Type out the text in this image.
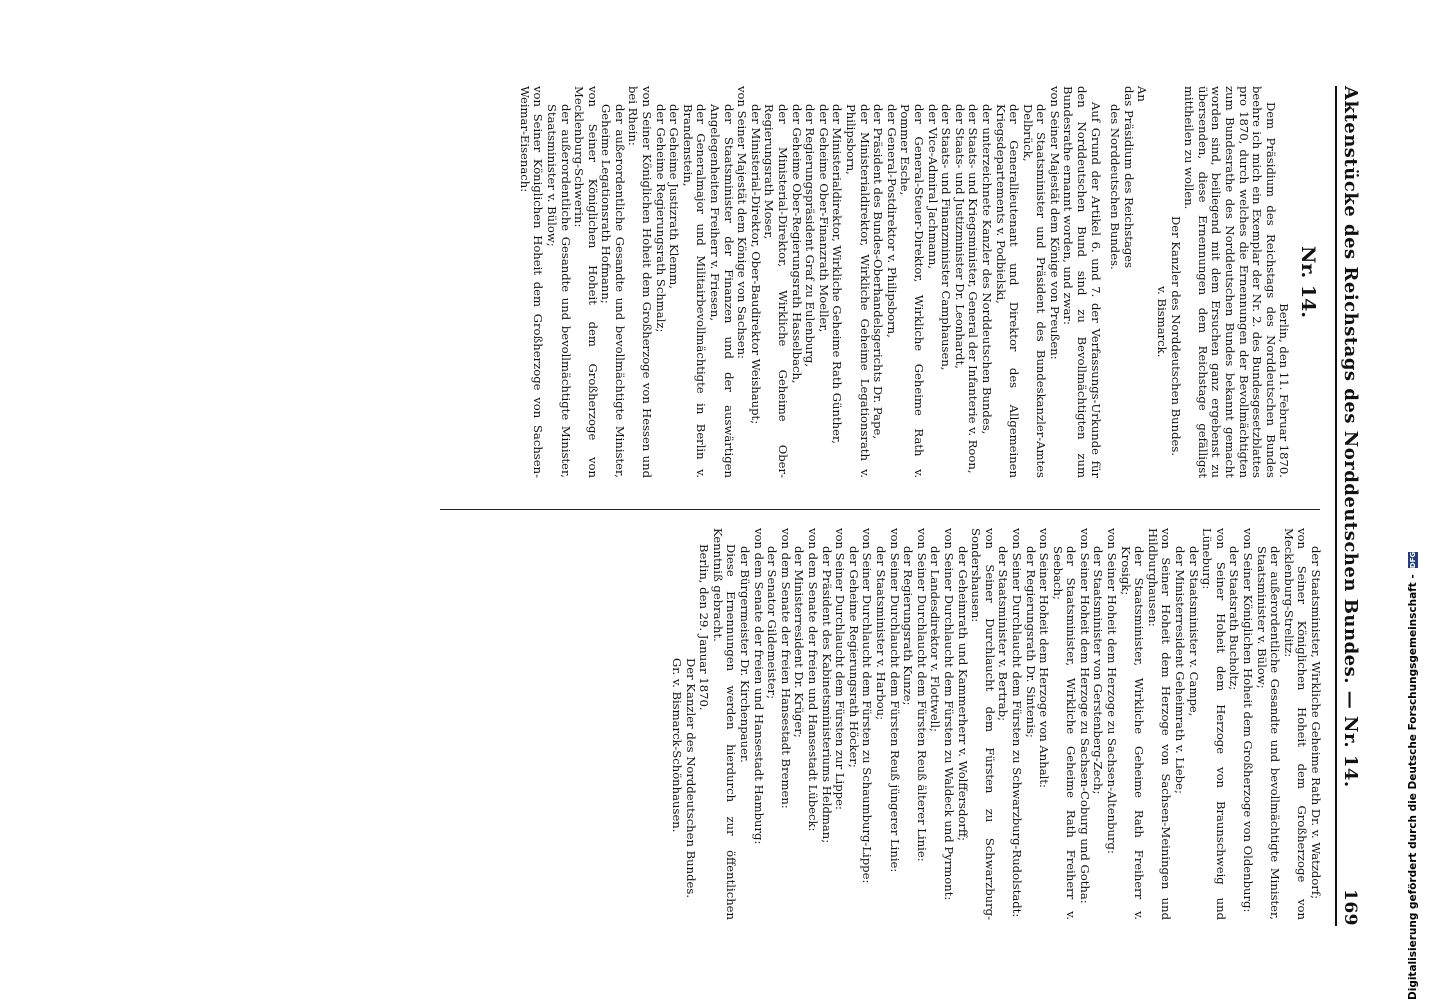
Aktenstücke des Reichstags des Norddeutschen Bundes. — Nr. 14.
169
Nr. 14.

Berlin, den 11. Februar 1870.

Dem Präsidium des Reichstags des Norddeutschen Bundes beehre ich mich ein Exemplar der Nr. 2. des Bundesgesetzblattes pro 1870, durch welches die Ernennungen der Bevollmächtigten zum Bundesrathe des Norddeutschen Bundes bekannt gemacht worden sind, beiliegend mit dem Ersuchen ganz ergebenst zu übersenden, diese Ernennungen dem Reichstage gefälligst mittheilen zu wollen.

Der Kanzler des Norddeutschen Bundes.

v. Bismarck.

An

das Präsidium des Reichstages

des Norddeutschen Bundes.

Auf Grund der Artikel 6. und 7. der Verfassungs-Urkunde für den Norddeutschen Bund sind zu Bevollmächtigten zum Bundesrathe ernannt worden, und zwar:

von Seiner Majestät dem Könige von Preußen:

der Staatsminister und Präsident des Bundeskanzler-Amtes Delbrück,

der Generallieutenant und Direktor des Allgemeinen Kriegsdepartements v. Podbielski,

der unterzeichnete Kanzler des Norddeutschen Bundes,

der Staats- und Kriegsminister, General der Infanterie v. Roon,

der Staats- und Justizminister Dr. Leonhardt,

der Staats- und Finanzminister Camphausen,

der Vice-Admiral Jachmann,

der General-Steuer-Direktor, Wirkliche Geheime Rath v. Pommer Esche,

der General-Postdirektor v. Philipsborn,

der Präsident des Bundes-Oberhandelsgerichts Dr. Pape,

der Ministerialdirektor, Wirkliche Geheime Legationsrath v. Philipsborn,

der Ministerialdirektor, Wirkliche Geheime Rath Günther,

der Geheime Ober-Finanzrath Moeller,

der Regierungspräsident Graf zu Eulenburg,

der Geheime Ober-Regierungsrath Hasselbach,

der Ministerial-Direktor, Wirkliche Geheime Ober-Regierungsrath Moser,

der Ministerial-Direktor, Ober-Baudirektor Weishaupt;

von Seiner Majestät dem Könige von Sachsen:

der Staatsminister der Finanzen und der auswärtigen Angelegenheiten Freiherr v. Friesen,

der Generalmajor und Militairbevollmächtigte in Berlin v. Brandenstein,

der Geheime Justizrath Klemm,

der Geheime Regierungsrath Schmalz;

von Seiner Königlichen Hoheit dem Großherzoge von Hessen und bei Rhein:

der außerordentliche Gesandte und bevollmächtigte Minister, Geheime Legationsrath Hofmann;

von Seiner Königlichen Hoheit dem Großherzoge von Mecklenburg-Schwerin:

der außerordentliche Gesandte und bevollmächtigte Minister, Staatsminister v. Bülow;

von Seiner Königlichen Hoheit dem Großherzoge von Sachsen-Weimar-Eisenach:

der Staatsminister, Wirkliche Geheime Rath Dr. v. Watzdorf;

von Seiner Königlichen Hoheit dem Großherzoge von Mecklenburg-Strelitz:

der außerordentliche Gesandte und bevollmächtigte Minister, Staatsminister v. Bülow;

von Seiner Königlichen Hoheit dem Großherzoge von Oldenburg:

der Staatsrath Bucholtz;

von Seiner Hoheit dem Herzoge von Braunschweig und Lüneburg:

der Staatsminister v. Campe,

der Ministerresident Geheimrath v. Liebe;

von Seiner Hoheit dem Herzoge von Sachsen-Meiningen und Hildburghausen:

der Staatsminister, Wirkliche Geheime Rath Freiherr v. Krosigk;

von Seiner Hoheit dem Herzoge zu Sachsen-Altenburg:

der Staatsminister von Gerstenberg-Zech;

von Seiner Hoheit dem Herzoge zu Sachsen-Coburg und Gotha:

der Staatsminister, Wirkliche Geheime Rath Freiherr v. Seebach;

von Seiner Hoheit dem Herzoge von Anhalt:

der Regierungsrath Dr. Sintenis;

von Seiner Durchlaucht dem Fürsten zu Schwarzburg-Rudolstadt:

der Staatsminister v. Bertrab;

von Seiner Durchlaucht dem Fürsten zu Schwarzburg-Sondershausen:

der Geheimrath und Kammerherr v. Wolffersdorff;

von Seiner Durchlaucht dem Fürsten zu Waldeck und Pyrmont:

der Landesdirektor v. Flottwell;

von Seiner Durchlaucht dem Fürsten Reuß älterer Linie:

der Regierungsrath Kunze;

von Seiner Durchlaucht dem Fürsten Reuß jüngerer Linie:

der Staatsminister v. Harbou;

von Seiner Durchlaucht dem Fürsten zu Schaumburg-Lippe:

der Geheime Regierungsrath Höcker;

von Seiner Durchlaucht dem Fürsten zur Lippe:

der Präsident des Kabinetsministeriums Heldman;

von dem Senate der freien und Hansestadt Lübeck:

der Ministerresident Dr. Krüger;

von dem Senate der freien Hansestadt Bremen:

der Senator Gildemeister;

von dem Senate der freien und Hansestadt Hamburg:

der Bürgermeister Dr. Kirchenpauer.

Diese Ernennungen werden hierdurch zur öffentlichen Kenntniß gebracht.

Berlin, den 29. Januar 1870.

Der Kanzler des Norddeutschen Bundes.

Gr. v. Bismarck-Schönhausen.	Digitalisierung gefördert durch die Deutsche Forschungsgemeinschaft -
DFG
